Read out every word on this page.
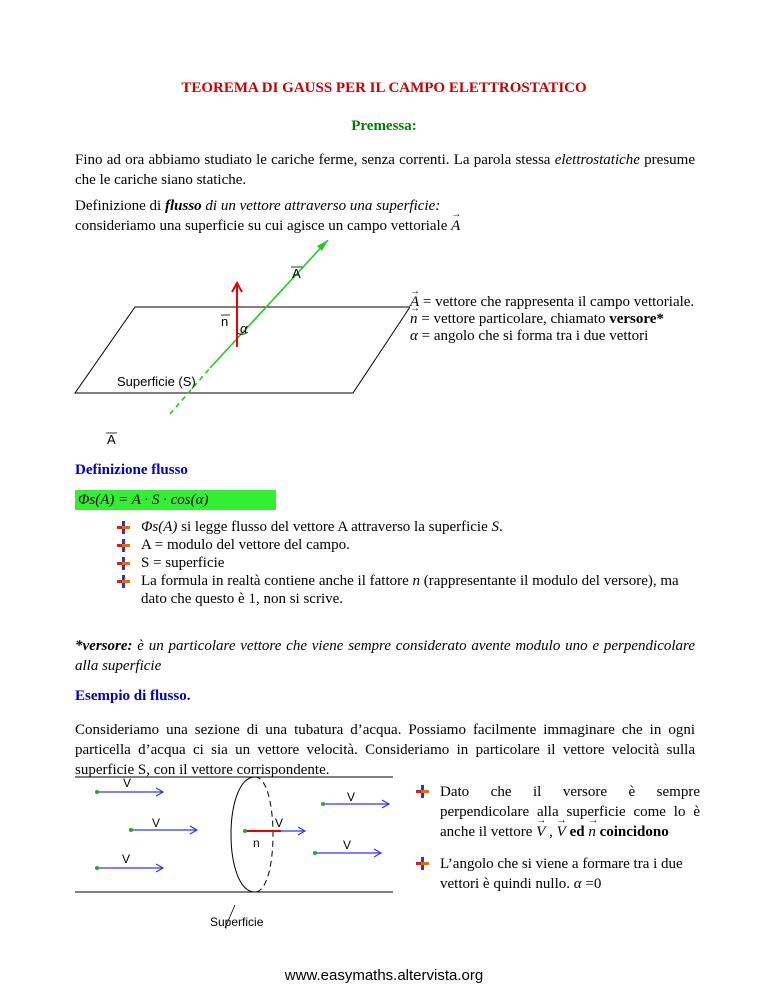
TEOREMA DI GAUSS PER IL CAMPO ELETTROSTATICO
Premessa:
Fino ad ora abbiamo studiato le cariche ferme, senza correnti. La parola stessa elettrostatiche presume che le cariche siano statiche.
Definizione di flusso di un vettore attraverso una superficie:
consideriamo una superficie su cui agisce un campo vettoriale → A
A
n α
Superficie (S)
A
→ A = vettore che rappresenta il campo vettoriale.
→ n = vettore particolare, chiamato versore*
α = angolo che si forma tra i due vettori
Definizione flusso
Φs(A) = A · S · cos(α)
Φs(A) si legge flusso del vettore A attraverso la superficie S.
A = modulo del vettore del campo.
S = superficie
La formula in realtà contiene anche il fattore n (rappresentante il modulo del versore), ma dato che questo è 1, non si scrive.
*versore: è un particolare vettore che viene sempre considerato avente modulo uno e perpendicolare alla superficie
Esempio di flusso.
Consideriamo una sezione di una tubatura d’acqua. Possiamo facilmente immaginare che in ogni particella d’acqua ci sia un vettore velocità. Consideriamo in particolare il vettore velocità sulla superficie S, con il vettore corrispondente.
Superficie
V
V
V
V
V
V
n
Dato che il versore è sempre perpendicolare alla superficie come lo è anche il vettore → V , → V ed → n coincidono
L’angolo che si viene a formare tra i due vettori è quindi nullo. α =0
www.easymaths.altervista.org
